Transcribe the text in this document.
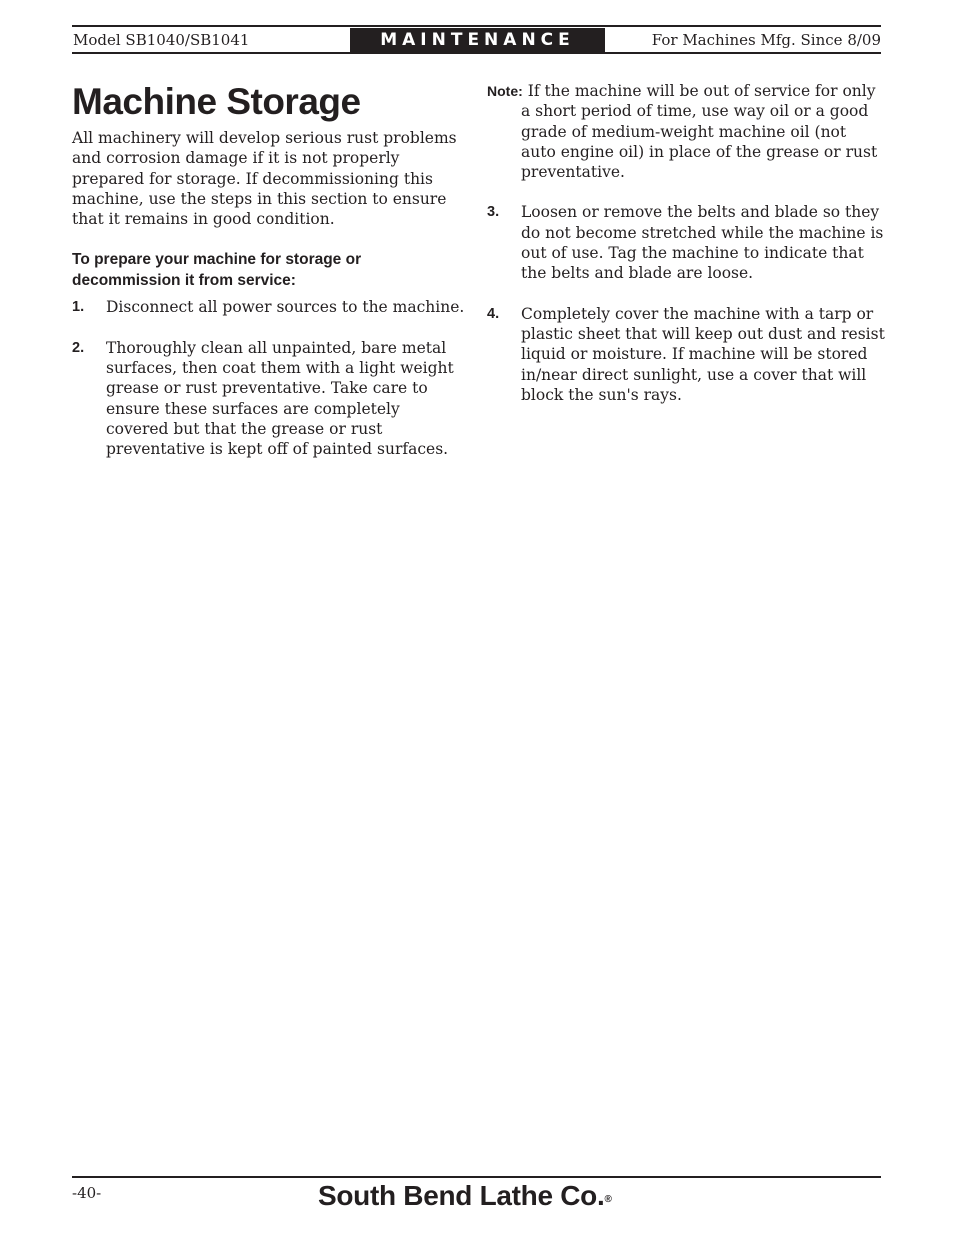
Model SB1040/SB1041	MAINTENANCE	For Machines Mfg. Since 8/09
Machine Storage

All machinery will develop serious rust problems and corrosion damage if it is not properly prepared for storage. If decommissioning this machine, use the steps in this section to ensure that it remains in good condition.

To prepare your machine for storage or decommission it from service:

1. Disconnect all power sources to the machine.
2. Thoroughly clean all unpainted, bare metal surfaces, then coat them with a light weight grease or rust preventative. Take care to ensure these surfaces are completely covered but that the grease or rust preventative is kept off of painted surfaces.
Note: If the machine will be out of service for only a short period of time, use way oil or a good grade of medium-weight machine oil (not auto engine oil) in place of the grease or rust preventative.
3. Loosen or remove the belts and blade so they do not become stretched while the machine is out of use. Tag the machine to indicate that the belts and blade are loose.
4. Completely cover the machine with a tarp or plastic sheet that will keep out dust and resist liquid or moisture. If machine will be stored in/near direct sunlight, use a cover that will block the sun's rays.
-40-	South Bend Lathe Co.®
